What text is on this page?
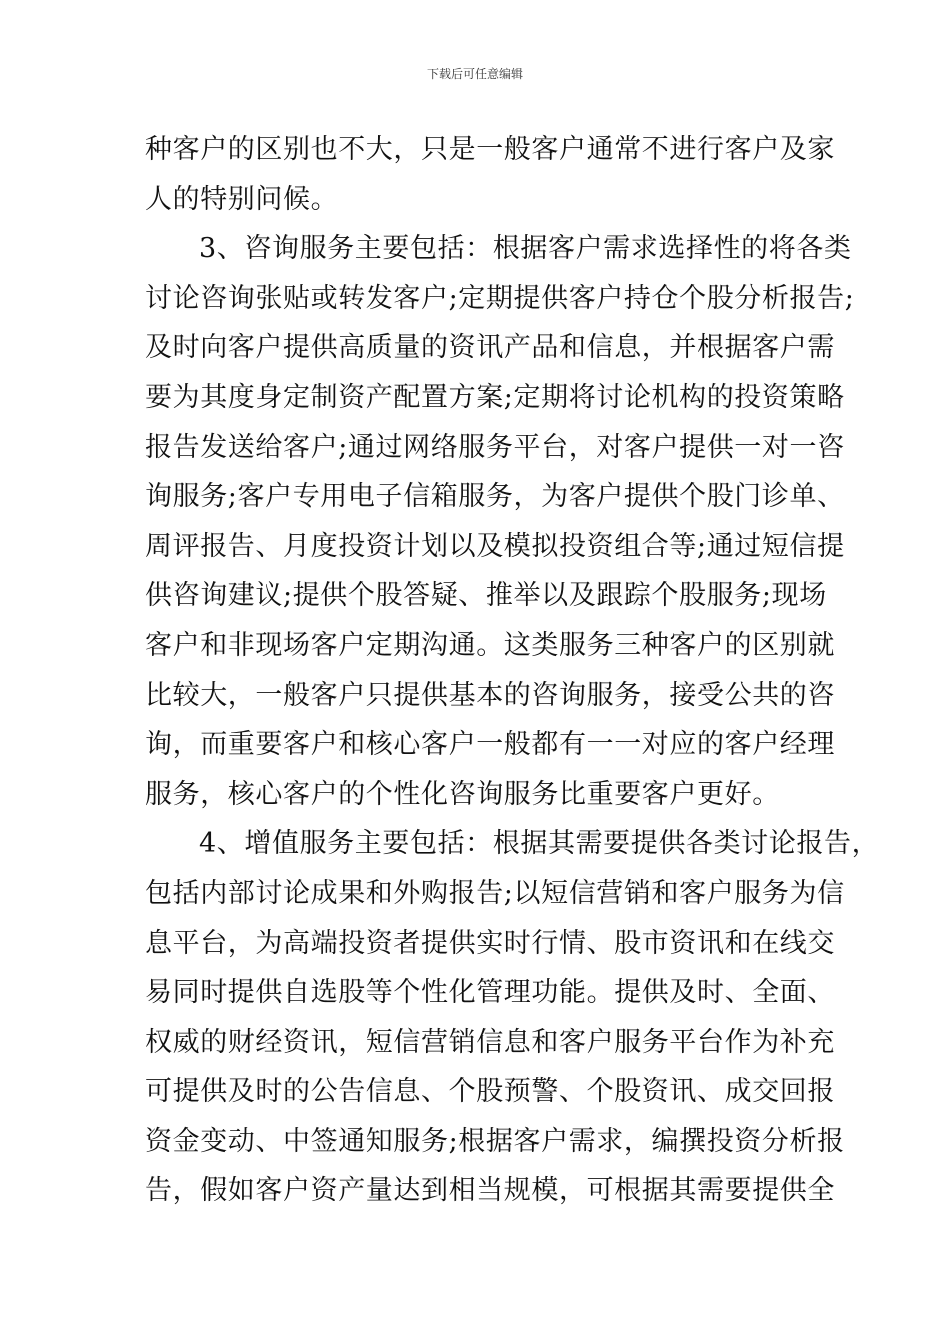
下载后可任意编辑
种客户的区别也不大，只是一般客户通常不进行客户及家
人的特别问候。
3、咨询服务主要包括：根据客户需求选择性的将各类
讨论咨询张贴或转发客户;定期提供客户持仓个股分析报告;
及时向客户提供高质量的资讯产品和信息，并根据客户需
要为其度身定制资产配置方案;定期将讨论机构的投资策略
报告发送给客户;通过网络服务平台，对客户提供一对一咨
询服务;客户专用电子信箱服务，为客户提供个股门诊单、
周评报告、月度投资计划以及模拟投资组合等;通过短信提
供咨询建议;提供个股答疑、推举以及跟踪个股服务;现场
客户和非现场客户定期沟通。这类服务三种客户的区别就
比较大，一般客户只提供基本的咨询服务，接受公共的咨
询，而重要客户和核心客户一般都有一一对应的客户经理
服务，核心客户的个性化咨询服务比重要客户更好。
4、增值服务主要包括：根据其需要提供各类讨论报告，
包括内部讨论成果和外购报告;以短信营销和客户服务为信
息平台，为高端投资者提供实时行情、股市资讯和在线交
易同时提供自选股等个性化管理功能。提供及时、全面、
权威的财经资讯，短信营销信息和客户服务平台作为补充
可提供及时的公告信息、个股预警、个股资讯、成交回报
资金变动、中签通知服务;根据客户需求，编撰投资分析报
告，假如客户资产量达到相当规模，可根据其需要提供全
